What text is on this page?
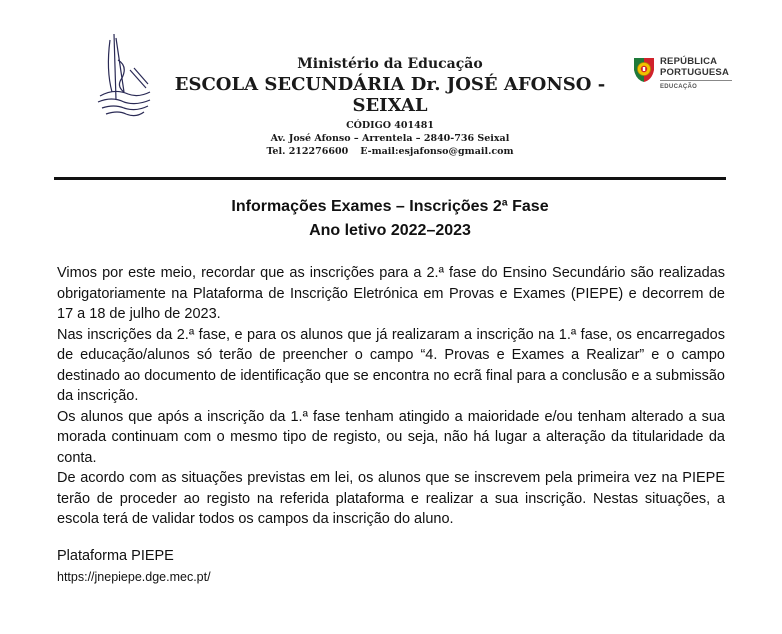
Ministério da Educação
ESCOLA SECUNDÁRIA Dr. JOSÉ AFONSO - SEIXAL
CÓDIGO 401481
Av. José Afonso – Arrentela – 2840-736 Seixal
Tel. 212276600 E-mail:esjafonso@gmail.com
REPÚBLICA
PORTUGUESA
EDUCAÇÃO
Informações Exames – Inscrições 2ª Fase
Ano letivo 2022–2023

Vimos por este meio, recordar que as inscrições para a 2.ª fase do Ensino Secundário são realizadas obrigatoriamente na Plataforma de Inscrição Eletrónica em Provas e Exames (PIEPE) e decorrem de 17 a 18 de julho de 2023.

Nas inscrições da 2.ª fase, e para os alunos que já realizaram a inscrição na 1.ª fase, os encarregados de educação/alunos só terão de preencher o campo “4. Provas e Exames a Realizar” e o campo destinado ao documento de identificação que se encontra no ecrã final para a conclusão e a submissão da inscrição.

Os alunos que após a inscrição da 1.ª fase tenham atingido a maioridade e/ou tenham alterado a sua morada continuam com o mesmo tipo de registo, ou seja, não há lugar a alteração da titularidade da conta.

De acordo com as situações previstas em lei, os alunos que se inscrevem pela primeira vez na PIEPE terão de proceder ao registo na referida plataforma e realizar a sua inscrição. Nestas situações, a escola terá de validar todos os campos da inscrição do aluno.

Plataforma PIEPE
https://jnepiepe.dge.mec.pt/
